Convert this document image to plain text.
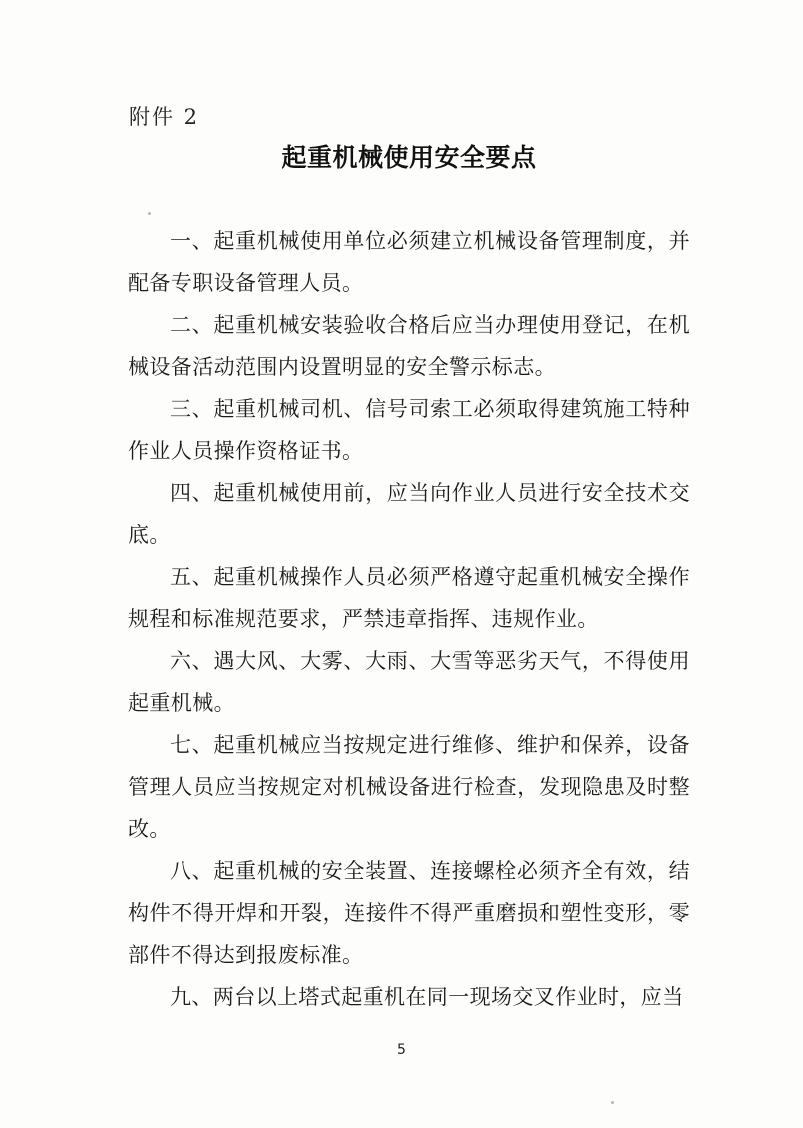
附件 2
起重机械使用安全要点

一、起重机械使用单位必须建立机械设备管理制度，并配备专职设备管理人员。

二、起重机械安装验收合格后应当办理使用登记，在机械设备活动范围内设置明显的安全警示标志。

三、起重机械司机、信号司索工必须取得建筑施工特种作业人员操作资格证书。

四、起重机械使用前，应当向作业人员进行安全技术交底。

五、起重机械操作人员必须严格遵守起重机械安全操作规程和标准规范要求，严禁违章指挥、违规作业。

六、遇大风、大雾、大雨、大雪等恶劣天气，不得使用起重机械。

七、起重机械应当按规定进行维修、维护和保养，设备管理人员应当按规定对机械设备进行检查，发现隐患及时整改。

八、起重机械的安全装置、连接螺栓必须齐全有效，结构件不得开焊和开裂，连接件不得严重磨损和塑性变形，零部件不得达到报废标准。

九、两台以上塔式起重机在同一现场交叉作业时，应当

5
